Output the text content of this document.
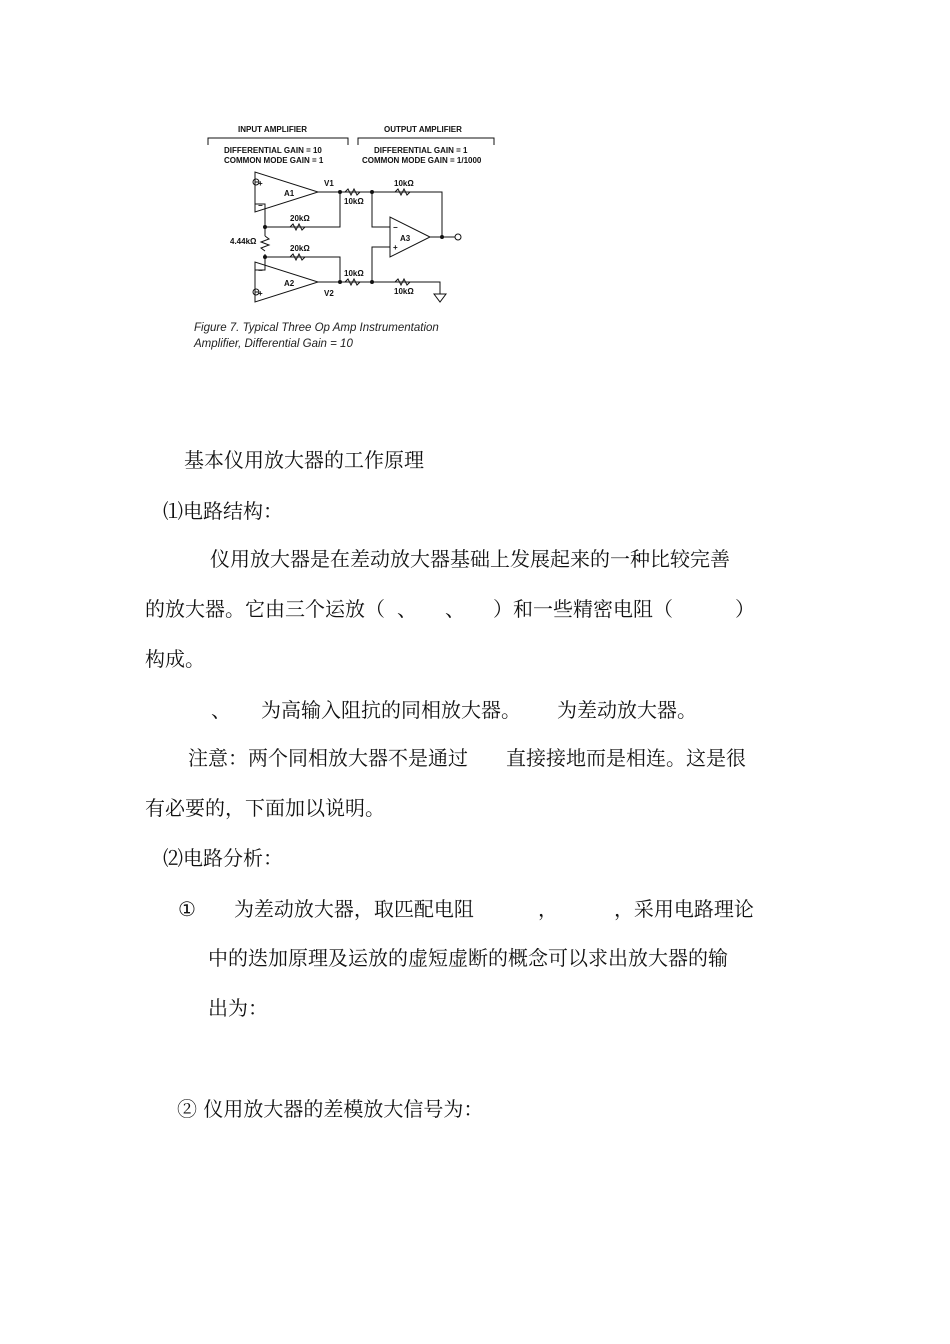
INPUT AMPLIFIER	OUTPUT AMPLIFIER
DIFFERENTIAL GAIN = 10
COMMON MODE GAIN = 1
DIFFERENTIAL GAIN = 1
COMMON MODE GAIN = 1/1000
A1
A2
A3
V1
V2
10kΩ
10kΩ
20kΩ
20kΩ
4.44kΩ
10kΩ
10kΩ
+
−
−
+
−
+
Figure 7. Typical Three Op Amp Instrumentation
Amplifier, Differential Gain = 10
基本仪用放大器的工作原理
⑴电路结构：
仪用放大器是在差动放大器基础上发展起来的一种比较完善
的放大器。它由三个运放（ 、 、 ）和一些精密电阻（	）
构成。
、 为高输入阻抗的同相放大器。 为差动放大器。
注意：两个同相放大器不是通过 直接接地而是相连。这是很
有必要的，下面加以说明。
⑵电路分析：
① 为差动放大器，取匹配电阻	，	，采用电路理论
中的迭加原理及运放的虚短虚断的概念可以求出放大器的输
出为：
② 仪用放大器的差模放大信号为：
